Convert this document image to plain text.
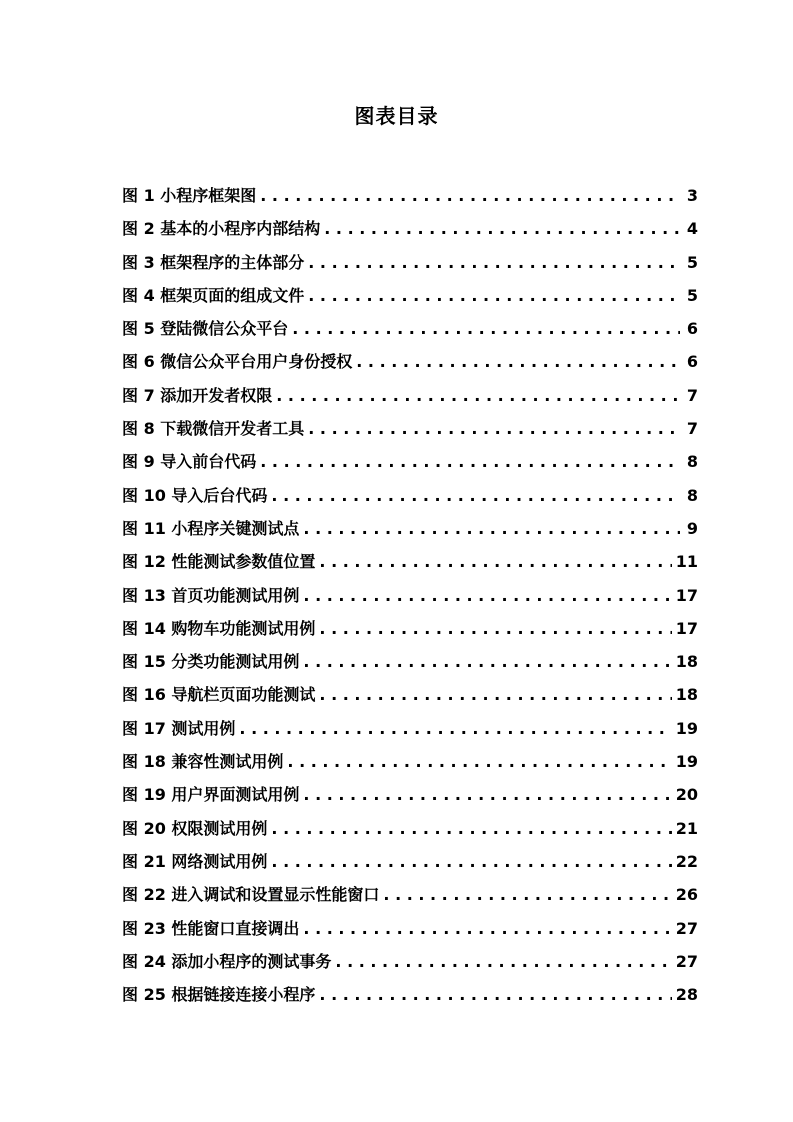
图表目录
图 1 小程序框架图 . . .	3
图 2 基本的小程序内部结构 . . .	4
图 3 框架程序的主体部分 . . .	5
图 4 框架页面的组成文件 . . .	5
图 5 登陆微信公众平台 . . .	6
图 6 微信公众平台用户身份授权 . . .	6
图 7 添加开发者权限 . . .	7
图 8 下载微信开发者工具 . . .	7
图 9 导入前台代码 . . .	8
图 10 导入后台代码 . . .	8
图 11 小程序关键测试点 . . .	9
图 12 性能测试参数值位置 . . .	11
图 13 首页功能测试用例 . . .	17
图 14 购物车功能测试用例 . . .	17
图 15 分类功能测试用例 . . .	18
图 16 导航栏页面功能测试 . . .	18
图 17 测试用例 . . .	19
图 18 兼容性测试用例 . . .	19
图 19 用户界面测试用例 . . .	20
图 20 权限测试用例 . . .	21
图 21 网络测试用例 . . .	22
图 22 进入调试和设置显示性能窗口 . . .	26
图 23 性能窗口直接调出 . . .	27
图 24 添加小程序的测试事务 . . .	27
图 25 根据链接连接小程序 . . .	28
